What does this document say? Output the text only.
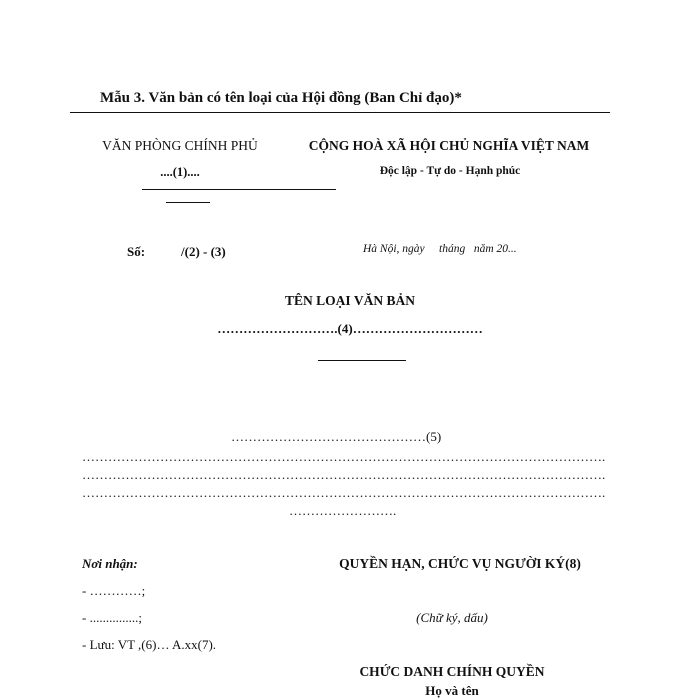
Mẫu 3. Văn bản có tên loại của Hội đồng (Ban Chỉ đạo)*
VĂN PHÒNG CHÍNH PHỦ
....(1)....
CỘNG HOÀ XÃ HỘI CHỦ NGHĨA VIỆT NAM
Độc lập - Tự do - Hạnh phúc
Số:	/(2) - (3)	Hà Nội, ngày     tháng   năm 20...
TÊN LOẠI VĂN BẢN
……………………….(4)…………………………
………………………………………(5)
………………………………………………………………………………………………………….
………………………………………………………………………………………………………….
………………………………………………………………………………………………………….
…………………….
Nơi nhận:
- …………;
- ...............;
- Lưu: VT ,(6)… A.xx(7).
QUYỀN HẠN, CHỨC VỤ NGƯỜI KÝ(8)
(Chữ ký, dấu)
CHỨC DANH CHÍNH QUYỀN
Họ và tên
